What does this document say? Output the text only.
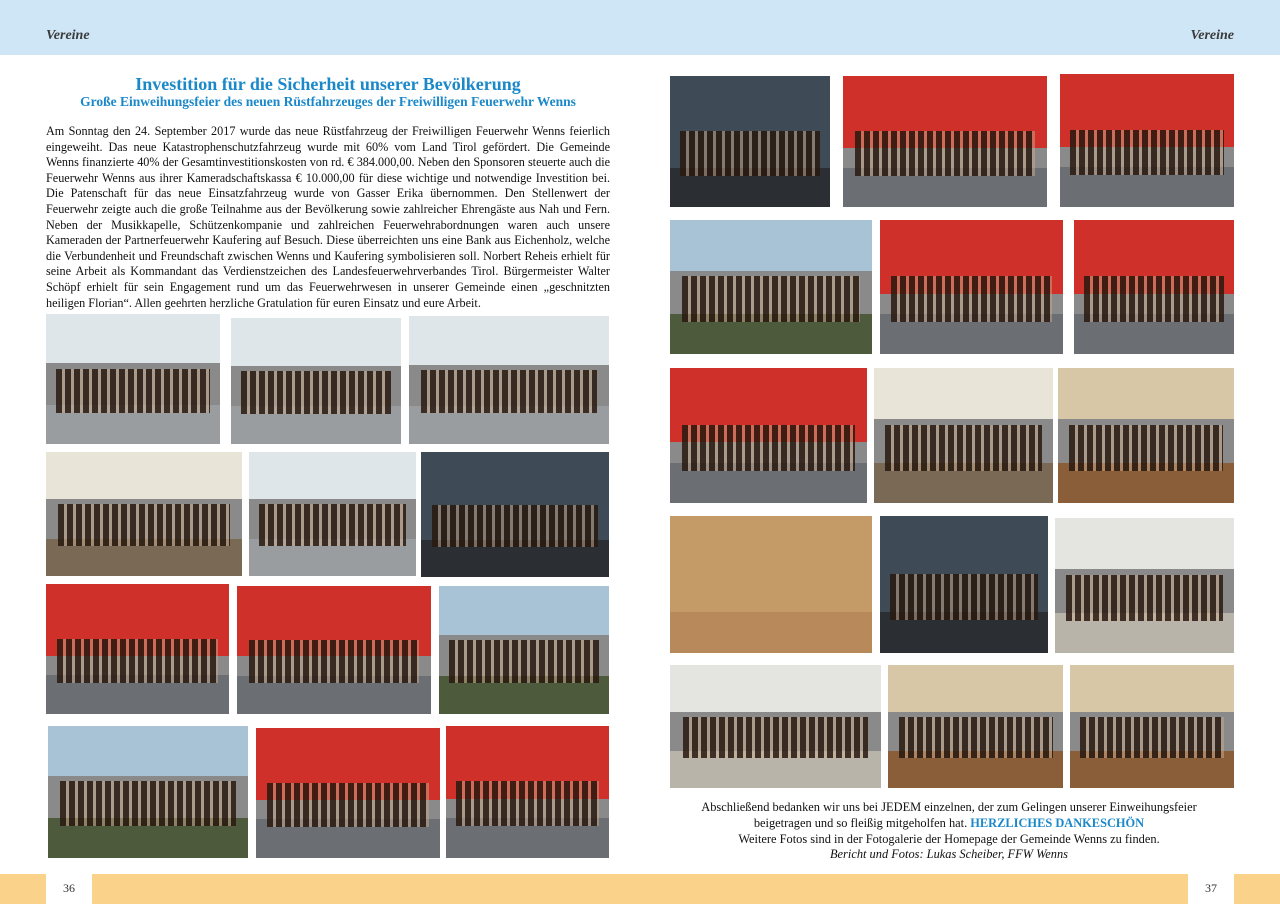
Vereine	Vereine
Investition für die Sicherheit unserer Bevölkerung
Große Einweihungsfeier des neuen Rüstfahrzeuges der Freiwilligen Feuerwehr Wenns

Am Sonntag den 24. September 2017 wurde das neue Rüstfahrzeug der Freiwilligen Feuerwehr Wenns feierlich eingeweiht. Das neue Katastrophenschutzfahrzeug wurde mit 60% vom Land Tirol gefördert. Die Gemeinde Wenns finanzierte 40% der Gesamtinvestitionskosten von rd. € 384.000,00. Neben den Sponsoren steuerte auch die Feuerwehr Wenns aus ihrer Kameradschaftskassa € 10.000,00 für diese wichtige und notwendige Investition bei. Die Patenschaft für das neue Einsatzfahrzeug wurde von Gasser Erika übernommen. Den Stellenwert der Feuerwehr zeigte auch die große Teilnahme aus der Bevölkerung sowie zahlreicher Ehrengäste aus Nah und Fern. Neben der Musikkapelle, Schützenkompanie und zahlreichen Feuerwehrabordnungen waren auch unsere Kameraden der Partnerfeuerwehr Kaufering auf Besuch. Diese überreichten uns eine Bank aus Eichenholz, welche die Verbundenheit und Freundschaft zwischen Wenns und Kaufering symbolisieren soll. Norbert Reheis erhielt für seine Arbeit als Kommandant das Verdienstzeichen des Landesfeuerwehrverbandes Tirol. Bürgermeister Walter Schöpf erhielt für sein Engagement rund um das Feuerwehrwesen in unserer Gemeinde einen „geschnitzten heiligen Florian“. Allen geehrten herzliche Gratulation für euren Einsatz und eure Arbeit.

Abschließend bedanken wir uns bei JEDEM einzelnen, der zum Gelingen unserer Einweihungsfeier
beigetragen und so fleißig mitgeholfen hat. HERZLICHES DANKESCHÖN
Weitere Fotos sind in der Fotogalerie der Homepage der Gemeinde Wenns zu finden.
Bericht und Fotos: Lukas Scheiber, FFW Wenns
36	37
